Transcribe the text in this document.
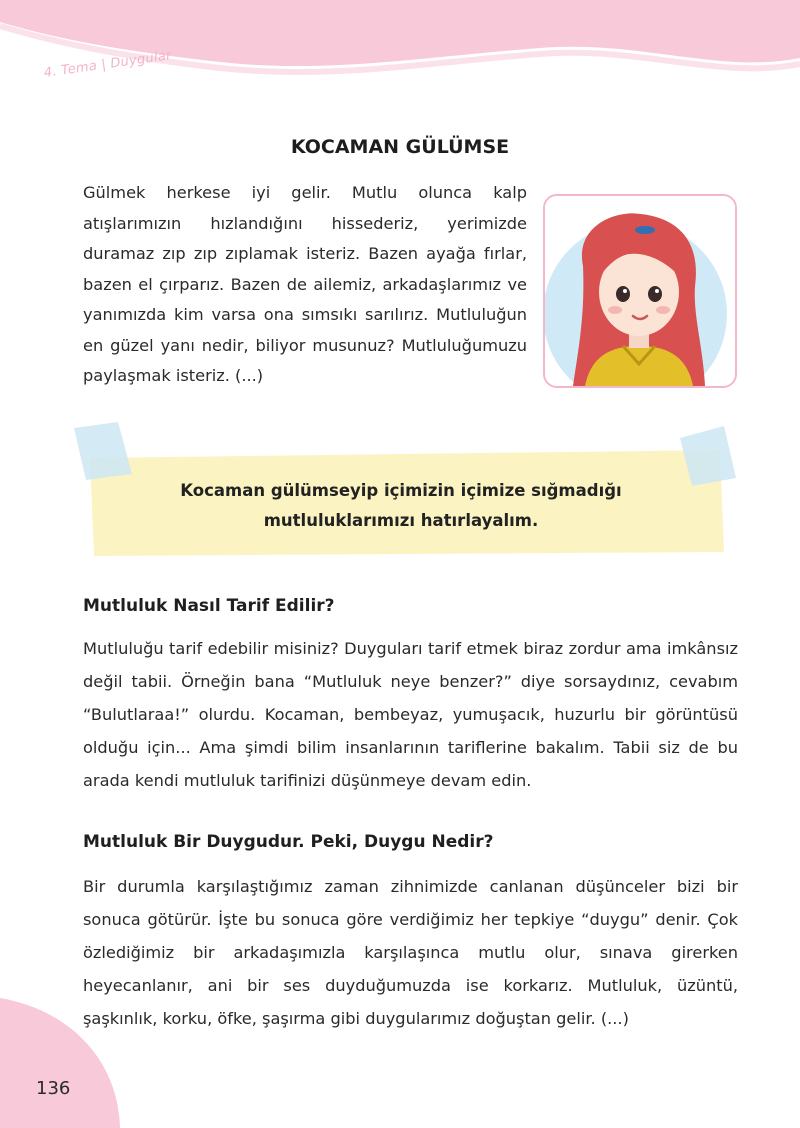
4. Tema | Duygular
KOCAMAN GÜLÜMSE

Gülmek herkese iyi gelir. Mutlu olunca kalp atışlarımızın hızlandığını hissederiz, yerimizde duramaz zıp zıp zıplamak isteriz. Bazen ayağa fırlar, bazen el çırparız. Bazen de ailemiz, arkadaşlarımız ve yanımızda kim varsa ona sımsıkı sarılırız. Mutluluğun en güzel yanı nedir, biliyor musunuz? Mutluluğumuzu paylaşmak isteriz. (...)

Kocaman gülümseyip içimizin içimize sığmadığı
mutluluklarımızı hatırlayalım.
Mutluluk Nasıl Tarif Edilir?

Mutluluğu tarif edebilir misiniz? Duyguları tarif etmek biraz zordur ama imkânsız değil tabii. Örneğin bana “Mutluluk neye benzer?” diye sorsaydınız, cevabım “Bulutlaraa!” olurdu. Kocaman, bembeyaz, yumuşacık, huzurlu bir görüntüsü olduğu için... Ama şimdi bilim insanlarının tariflerine bakalım. Tabii siz de bu arada kendi mutluluk tarifinizi düşünmeye devam edin.

Mutluluk Bir Duygudur. Peki, Duygu Nedir?

Bir durumla karşılaştığımız zaman zihnimizde canlanan düşünceler bizi bir sonuca götürür. İşte bu sonuca göre verdiğimiz her tepkiye “duygu” denir. Çok özlediğimiz bir arkadaşımızla karşılaşınca mutlu olur, sınava girerken heyecanlanır, ani bir ses duyduğumuzda ise korkarız. Mutluluk, üzüntü, şaşkınlık, korku, öfke, şaşırma gibi duygularımız doğuştan gelir. (...)

136
